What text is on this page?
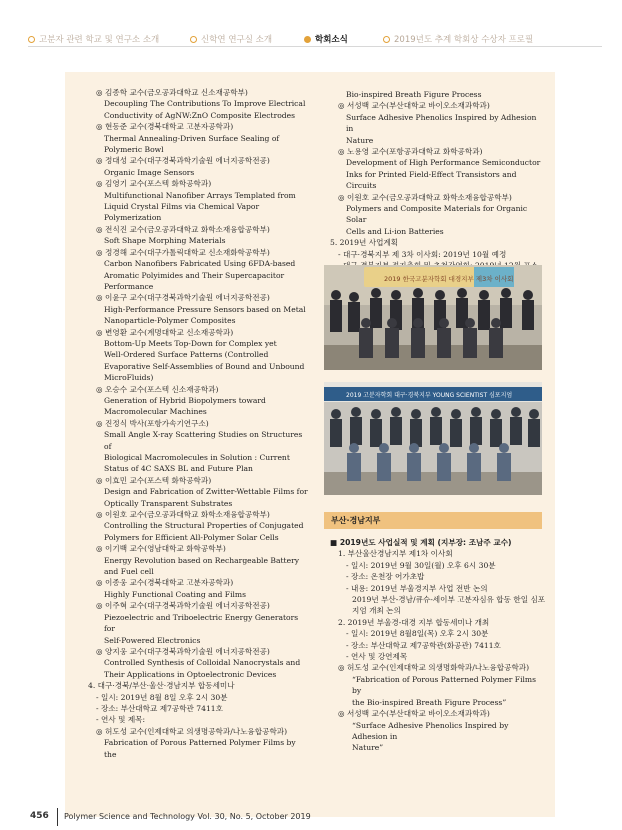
고분자 관련 학교 및 연구소 소개	신학연 연구실 소개	학회소식	2019년도 추계 학회상 수상자 프로필
◎ 김종학 교수(금오공과대학교 신소재공학부)
Decoupling The Contributions To Improve Electrical
Conductivity of AgNW:ZnO Composite Electrodes
◎ 현동준 교수(경북대학교 고분자공학과)
Thermal Annealing-Driven Surface Sealing of
Polymeric Bowl
◎ 정대성 교수(대구경북과학기술원 에너지공학전공)
Organic Image Sensors
◎ 김영기 교수(포스텍 화학공학과)
Multifunctional Nanofiber Arrays Templated from
Liquid Crystal Films via Chemical Vapor
Polymerization
◎ 전식진 교수(금오공과대학교 화학소재융합공학부)
Soft Shape Morphing Materials
◎ 정경해 교수(대구가톨릭대학교 신소재화학공학부)
Carbon Nanofibers Fabricated Using 6FDA-based
Aromatic Polyimides and Their Supercapacitor
Performance
◎ 이윤구 교수(대구경북과학기술원 에너지공학전공)
High-Performance Pressure Sensors based on Metal
Nanoparticle-Polymer Composites
◎ 변영환 교수(계명대학교 신소재공학과)
Bottom-Up Meets Top-Down for Complex yet
Well-Ordered Surface Patterns (Controlled
Evaporative Self-Assemblies of Bound and Unbound
MicroFluids)
◎ 오승수 교수(포스텍 신소재공학과)
Generation of Hybrid Biopolymers toward
Macromolecular Machines
◎ 진정식 박사(포항가속기연구소)
Small Angle X-ray Scattering Studies on Structures of
Biological Macromolecules in Solution : Current
Status of 4C SAXS BL and Future Plan
◎ 이효민 교수(포스텍 화학공학과)
Design and Fabrication of Zwitter-Wettable Films for
Optically Transparent Substrates
◎ 이원호 교수(금오공과대학교 화학소재융합공학부)
Controlling the Structural Properties of Conjugated
Polymers for Efficient All-Polymer Solar Cells
◎ 이기백 교수(영남대학교 화학공학부)
Energy Revolution based on Rechargeable Battery
and Fuel cell
◎ 이종웅 교수(경북대학교 고분자공학과)
Highly Functional Coating and Films
◎ 이주혁 교수(대구경북과학기술원 에너지공학전공)
Piezoelectric and Triboelectric Energy Generators for
Self-Powered Electronics
◎ 양지웅 교수(대구경북과학기술원 에너지공학전공)
Controlled Synthesis of Colloidal Nanocrystals and
Their Applications in Optoelectronic Devices
4. 대구·경북/부산·울산·경남지부 합동세미나
- 일시: 2019년 8월 8일 오후 2시 30분
- 장소: 부산대학교 제7공학관 7411호
- 연사 및 제목:
◎ 허도성 교수(인제대학교 의생명공학과/나노융합공학과)
Fabrication of Porous Patterned Polymer Films by the
Bio-inspired Breath Figure Process
◎ 서성백 교수(부산대학교 바이오소재과학과)
Surface Adhesive Phenolics Inspired by Adhesion in
Nature
◎ 노용영 교수(포항공과대학교 화학공학과)
Development of High Performance Semiconductor
Inks for Printed Field-Effect Transistors and Circuits
◎ 이원호 교수(금오공과대학교 화학소재융합공학부)
Polymers and Composite Materials for Organic Solar
Cells and Li-ion Batteries
5. 2019년 사업계획
- 대구·경북지부 제 3차 이사회: 2019년 10월 예정
2019 한국고분자학회 대경지부 제3차 이사회
2019 고분자학회 대구·경북지부 YOUNG SCIENTIST 심포지엄
부산·경남지부
■ 2019년도 사업실적 및 계획 (지부장: 조남주 교수)
1. 부산울산경남지부 제1차 이사회
- 일시: 2019년 9월 30일(월) 오후 6시 30분
- 장소: 온천장 어가초밥
- 내용: 2019년 부울경지부 사업 전반 논의
2019년 부산-경남/큐슈-세이부 고분자심유 합동 한일 심포
지엄 개최 논의
2. 2019년 부울경-대경 지부 합동세미나 개최
- 일시: 2019년 8월8일(목) 오후 2시 30분
- 장소: 부산대학교 제7공학관(화공관) 7411호
- 연사 및 강연제목
◎ 허도성 교수(인제대학교 의생명화학과/나노융합공학과)
“Fabrication of Porous Patterned Polymer Films by
the Bio-inspired Breath Figure Process”
◎ 서성백 교수(부산대학교 바이오소재과학과)
“Surface Adhesive Phenolics Inspired by Adhesion in
Nature”
456 Polymer Science and Technology Vol. 30, No. 5, October 2019
